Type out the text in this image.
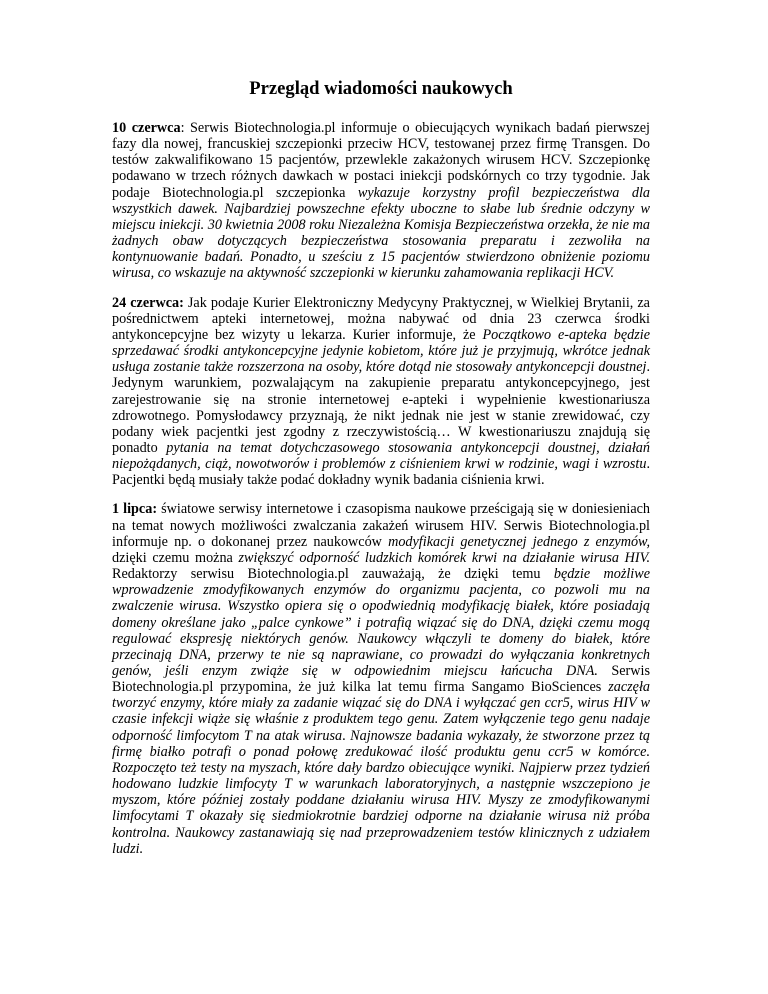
Przegląd wiadomości naukowych

10 czerwca: Serwis Biotechnologia.pl informuje o obiecujących wynikach badań pierwszej fazy dla nowej, francuskiej szczepionki przeciw HCV, testowanej przez firmę Transgen. Do testów zakwalifikowano 15 pacjentów, przewlekle zakażonych wirusem HCV. Szczepionkę podawano w trzech różnych dawkach w postaci iniekcji podskórnych co trzy tygodnie. Jak podaje Biotechnologia.pl szczepionka wykazuje korzystny profil bezpieczeństwa dla wszystkich dawek. Najbardziej powszechne efekty uboczne to słabe lub średnie odczyny w miejscu iniekcji. 30 kwietnia 2008 roku Niezależna Komisja Bezpieczeństwa orzekła, że nie ma żadnych obaw dotyczących bezpieczeństwa stosowania preparatu i zezwoliła na kontynuowanie badań. Ponadto, u sześciu z 15 pacjentów stwierdzono obniżenie poziomu wirusa, co wskazuje na aktywność szczepionki w kierunku zahamowania replikacji HCV.

24 czerwca: Jak podaje Kurier Elektroniczny Medycyny Praktycznej, w Wielkiej Brytanii, za pośrednictwem apteki internetowej, można nabywać od dnia 23 czerwca środki antykoncepcyjne bez wizyty u lekarza. Kurier informuje, że Początkowo e-apteka będzie sprzedawać środki antykoncepcyjne jedynie kobietom, które już je przyjmują, wkrótce jednak usługa zostanie także rozszerzona na osoby, które dotąd nie stosowały antykoncepcji doustnej. Jedynym warunkiem, pozwalającym na zakupienie preparatu antykoncepcyjnego, jest zarejestrowanie się na stronie internetowej e-apteki i wypełnienie kwestionariusza zdrowotnego. Pomysłodawcy przyznają, że nikt jednak nie jest w stanie zrewidować, czy podany wiek pacjentki jest zgodny z rzeczywistością… W kwestionariuszu znajdują się ponadto pytania na temat dotychczasowego stosowania antykoncepcji doustnej, działań niepożądanych, ciąż, nowotworów i problemów z ciśnieniem krwi w rodzinie, wagi i wzrostu. Pacjentki będą musiały także podać dokładny wynik badania ciśnienia krwi.

1 lipca: światowe serwisy internetowe i czasopisma naukowe prześcigają się w doniesieniach na temat nowych możliwości zwalczania zakażeń wirusem HIV. Serwis Biotechnologia.pl informuje np. o dokonanej przez naukowców modyfikacji genetycznej jednego z enzymów, dzięki czemu można zwiększyć odporność ludzkich komórek krwi na działanie wirusa HIV. Redaktorzy serwisu Biotechnologia.pl zauważają, że dzięki temu będzie możliwe wprowadzenie zmodyfikowanych enzymów do organizmu pacjenta, co pozwoli mu na zwalczenie wirusa. Wszystko opiera się o opodwiednią modyfikację białek, które posiadają domeny określane jako „palce cynkowe” i potrafią wiązać się do DNA, dzięki czemu mogą regulować ekspresję niektórych genów. Naukowcy włączyli te domeny do białek, które przecinają DNA, przerwy te nie są naprawiane, co prowadzi do wyłączania konkretnych genów, jeśli enzym zwiąże się w odpowiednim miejscu łańcucha DNA. Serwis Biotechnologia.pl przypomina, że już kilka lat temu firma Sangamo BioSciences zaczęła tworzyć enzymy, które miały za zadanie wiązać się do DNA i wyłączać gen ccr5, wirus HIV w czasie infekcji wiąże się właśnie z produktem tego genu. Zatem wyłączenie tego genu nadaje odporność limfocytom T na atak wirusa. Najnowsze badania wykazały, że stworzone przez tą firmę białko potrafi o ponad połowę zredukować ilość produktu genu ccr5 w komórce. Rozpoczęto też testy na myszach, które dały bardzo obiecujące wyniki. Najpierw przez tydzień hodowano ludzkie limfocyty T w warunkach laboratoryjnych, a następnie wszczepiono je myszom, które później zostały poddane działaniu wirusa HIV. Myszy ze zmodyfikowanymi limfocytami T okazały się siedmiokrotnie bardziej odporne na działanie wirusa niż próba kontrolna. Naukowcy zastanawiają się nad przeprowadzeniem testów klinicznych z udziałem ludzi.
